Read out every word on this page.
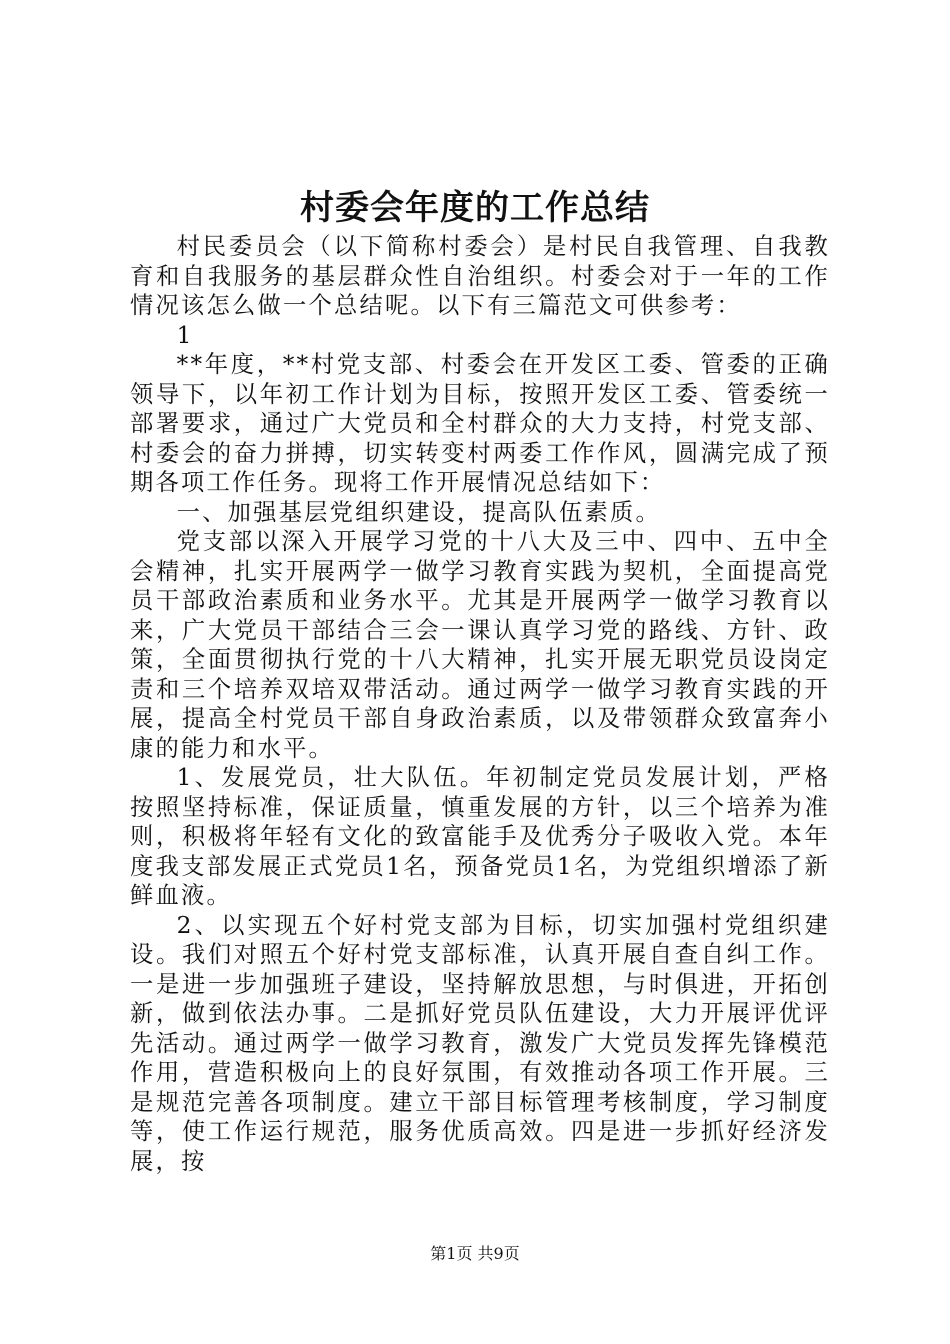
村委会年度的工作总结

村民委员会（以下简称村委会）是村民自我管理、自我教育和自我服务的基层群众性自治组织。村委会对于一年的工作情况该怎么做一个总结呢。以下有三篇范文可供参考：

1

**年度，**村党支部、村委会在开发区工委、管委的正确领导下，以年初工作计划为目标，按照开发区工委、管委统一部署要求，通过广大党员和全村群众的大力支持，村党支部、村委会的奋力拼搏，切实转变村两委工作作风，圆满完成了预期各项工作任务。现将工作开展情况总结如下：

一、加强基层党组织建设，提高队伍素质。

党支部以深入开展学习党的十八大及三中、四中、五中全会精神，扎实开展两学一做学习教育实践为契机，全面提高党员干部政治素质和业务水平。尤其是开展两学一做学习教育以来，广大党员干部结合三会一课认真学习党的路线、方针、政策，全面贯彻执行党的十八大精神，扎实开展无职党员设岗定责和三个培养双培双带活动。通过两学一做学习教育实践的开展，提高全村党员干部自身政治素质，以及带领群众致富奔小康的能力和水平。

1、发展党员，壮大队伍。年初制定党员发展计划，严格按照坚持标准，保证质量，慎重发展的方针，以三个培养为准则，积极将年轻有文化的致富能手及优秀分子吸收入党。本年度我支部发展正式党员1名，预备党员1名，为党组织增添了新鲜血液。

2、以实现五个好村党支部为目标，切实加强村党组织建设。我们对照五个好村党支部标准，认真开展自查自纠工作。一是进一步加强班子建设，坚持解放思想，与时俱进，开拓创新，做到依法办事。二是抓好党员队伍建设，大力开展评优评先活动。通过两学一做学习教育，激发广大党员发挥先锋模范作用，营造积极向上的良好氛围，有效推动各项工作开展。三是规范完善各项制度。建立干部目标管理考核制度，学习制度等，使工作运行规范，服务优质高效。四是进一步抓好经济发展，按

第1页 共9页
